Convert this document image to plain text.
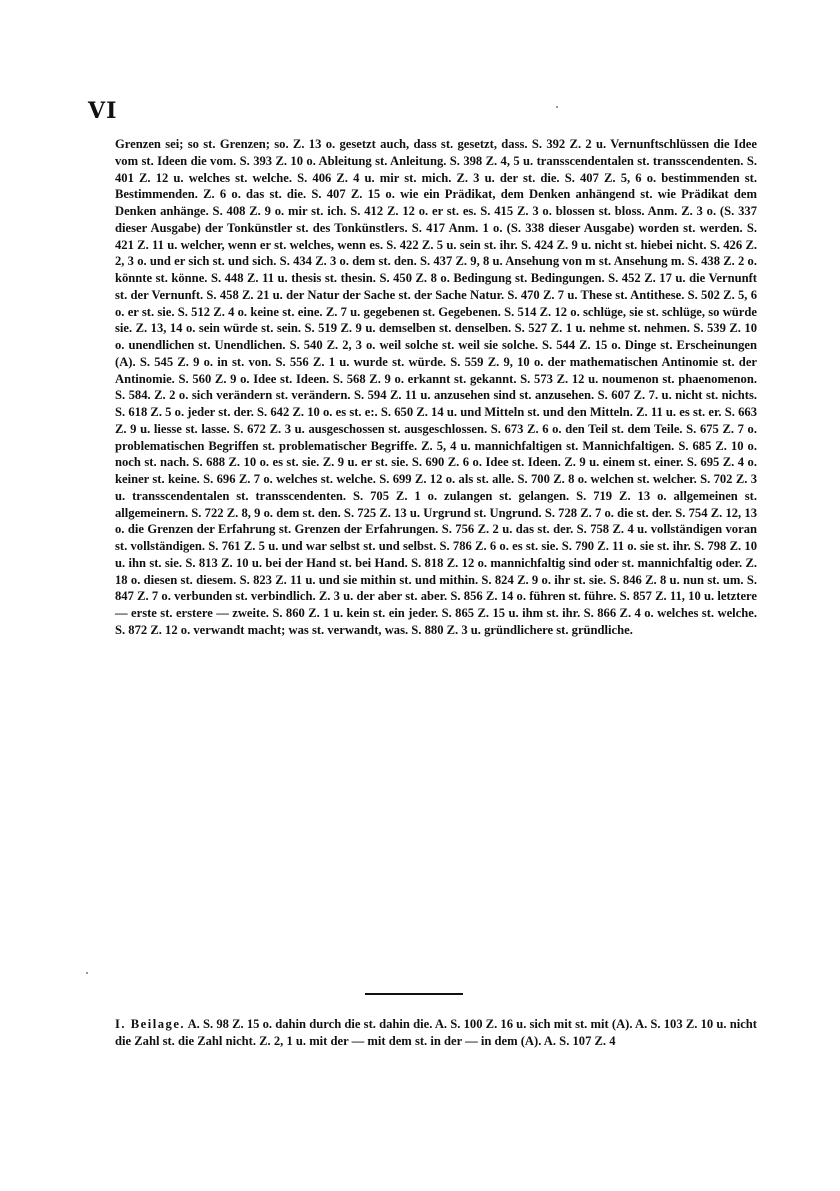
VI

Grenzen sei; so st. Grenzen; so. Z. 13 o. gesetzt auch, dass st. gesetzt, dass. S. 392 Z. 2 u. Vernunftschlüssen die Idee vom st. Ideen die vom. S. 393 Z. 10 o. Ableitung st. Anleitung. S. 398 Z. 4, 5 u. transscendentalen st. transscendenten. S. 401 Z. 12 u. welches st. welche. S. 406 Z. 4 u. mir st. mich. Z. 3 u. der st. die. S. 407 Z. 5, 6 o. bestimmenden st. Bestimmenden. Z. 6 o. das st. die. S. 407 Z. 15 o. wie ein Prädikat, dem Denken anhängend st. wie Prädikat dem Denken anhänge. S. 408 Z. 9 o. mir st. ich. S. 412 Z. 12 o. er st. es. S. 415 Z. 3 o. blossen st. bloss. Anm. Z. 3 o. (S. 337 dieser Ausgabe) der Tonkünstler st. des Tonkünstlers. S. 417 Anm. 1 o. (S. 338 dieser Ausgabe) worden st. werden. S. 421 Z. 11 u. welcher, wenn er st. welches, wenn es. S. 422 Z. 5 u. sein st. ihr. S. 424 Z. 9 u. nicht st. hiebei nicht. S. 426 Z. 2, 3 o. und er sich st. und sich. S. 434 Z. 3 o. dem st. den. S. 437 Z. 9, 8 u. Ansehung von m st. Ansehung m. S. 438 Z. 2 o. könnte st. könne. S. 448 Z. 11 u. thesis st. thesin. S. 450 Z. 8 o. Bedingung st. Bedingungen. S. 452 Z. 17 u. die Vernunft st. der Vernunft. S. 458 Z. 21 u. der Natur der Sache st. der Sache Natur. S. 470 Z. 7 u. These st. Antithese. S. 502 Z. 5, 6 o. er st. sie. S. 512 Z. 4 o. keine st. eine. Z. 7 u. gegebenen st. Gegebenen. S. 514 Z. 12 o. schlüge, sie st. schlüge, so würde sie. Z. 13, 14 o. sein würde st. sein. S. 519 Z. 9 u. demselben st. denselben. S. 527 Z. 1 u. nehme st. nehmen. S. 539 Z. 10 o. unendlichen st. Unendlichen. S. 540 Z. 2, 3 o. weil solche st. weil sie solche. S. 544 Z. 15 o. Dinge st. Erscheinungen (A). S. 545 Z. 9 o. in st. von. S. 556 Z. 1 u. wurde st. würde. S. 559 Z. 9, 10 o. der mathematischen Antinomie st. der Antinomie. S. 560 Z. 9 o. Idee st. Ideen. S. 568 Z. 9 o. erkannt st. gekannt. S. 573 Z. 12 u. noumenon st. phaenomenon. S. 584. Z. 2 o. sich verändern st. verändern. S. 594 Z. 11 u. anzusehen sind st. anzusehen. S. 607 Z. 7. u. nicht st. nichts. S. 618 Z. 5 o. jeder st. der. S. 642 Z. 10 o. es st. e:. S. 650 Z. 14 u. und Mitteln st. und den Mitteln. Z. 11 u. es st. er. S. 663 Z. 9 u. liesse st. lasse. S. 672 Z. 3 u. ausgeschossen st. ausgeschlossen. S. 673 Z. 6 o. den Teil st. dem Teile. S. 675 Z. 7 o. problematischen Begriffen st. problematischer Begriffe. Z. 5, 4 u. mannichfaltigen st. Mannichfaltigen. S. 685 Z. 10 o. noch st. nach. S. 688 Z. 10 o. es st. sie. Z. 9 u. er st. sie. S. 690 Z. 6 o. Idee st. Ideen. Z. 9 u. einem st. einer. S. 695 Z. 4 o. keiner st. keine. S. 696 Z. 7 o. welches st. welche. S. 699 Z. 12 o. als st. alle. S. 700 Z. 8 o. welchen st. welcher. S. 702 Z. 3 u. transscendentalen st. transscendenten. S. 705 Z. 1 o. zulangen st. gelangen. S. 719 Z. 13 o. allgemeinen st. allgemeinern. S. 722 Z. 8, 9 o. dem st. den. S. 725 Z. 13 u. Urgrund st. Ungrund. S. 728 Z. 7 o. die st. der. S. 754 Z. 12, 13 o. die Grenzen der Erfahrung st. Grenzen der Erfahrungen. S. 756 Z. 2 u. das st. der. S. 758 Z. 4 u. vollständigen voran st. vollständigen. S. 761 Z. 5 u. und war selbst st. und selbst. S. 786 Z. 6 o. es st. sie. S. 790 Z. 11 o. sie st. ihr. S. 798 Z. 10 u. ihn st. sie. S. 813 Z. 10 u. bei der Hand st. bei Hand. S. 818 Z. 12 o. mannichfaltig sind oder st. mannichfaltig oder. Z. 18 o. diesen st. diesem. S. 823 Z. 11 u. und sie mithin st. und mithin. S. 824 Z. 9 o. ihr st. sie. S. 846 Z. 8 u. nun st. um. S. 847 Z. 7 o. verbunden st. verbindlich. Z. 3 u. der aber st. aber. S. 856 Z. 14 o. führen st. führe. S. 857 Z. 11, 10 u. letztere — erste st. erstere — zweite. S. 860 Z. 1 u. kein st. ein jeder. S. 865 Z. 15 u. ihm st. ihr. S. 866 Z. 4 o. welches st. welche. S. 872 Z. 12 o. verwandt macht; was st. verwandt, was. S. 880 Z. 3 u. gründlichere st. gründliche.

I. Beilage. A. S. 98 Z. 15 o. dahin durch die st. dahin die. A. S. 100 Z. 16 u. sich mit st. mit (A). A. S. 103 Z. 10 u. nicht die Zahl st. die Zahl nicht. Z. 2, 1 u. mit der — mit dem st. in der — in dem (A). A. S. 107 Z. 4
